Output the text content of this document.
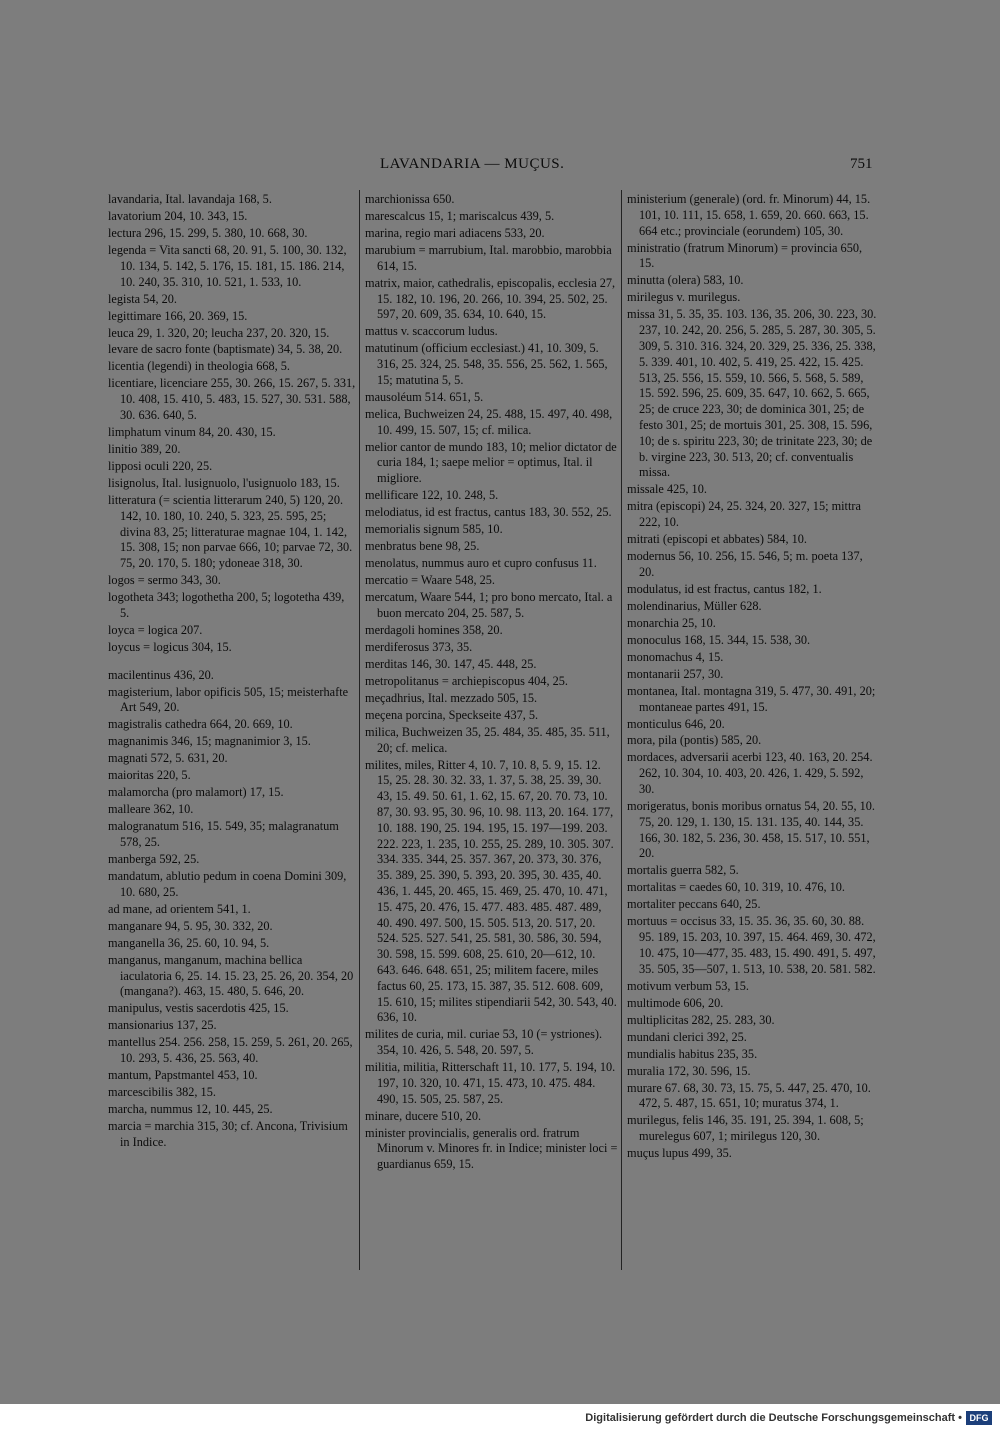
LAVANDARIA — MUÇUS.	751
lavandaria, Ital. lavandaja 168, 5.
lavatorium 204, 10. 343, 15.
lectura 296, 15. 299, 5. 380, 10. 668, 30.
legenda = Vita sancti 68, 20. 91, 5. 100, 30. 132, 10. 134, 5. 142, 5. 176, 15. 181, 15. 186. 214, 10. 240, 35. 310, 10. 521, 1. 533, 10.
legista 54, 20.
legittimare 166, 20. 369, 15.
leuca 29, 1. 320, 20; leucha 237, 20. 320, 15.
levare de sacro fonte (baptismate) 34, 5. 38, 20.
licentia (legendi) in theologia 668, 5.
licentiare, licenciare 255, 30. 266, 15. 267, 5. 331, 10. 408, 15. 410, 5. 483, 15. 527, 30. 531. 588, 30. 636. 640, 5.
limphatum vinum 84, 20. 430, 15.
linitio 389, 20.
lipposi oculi 220, 25.
lisignolus, Ital. lusignuolo, l'usignuolo 183, 15.
litteratura (= scientia litterarum 240, 5) 120, 20. 142, 10. 180, 10. 240, 5. 323, 25. 595, 25; divina 83, 25; litteraturae magnae 104, 1. 142, 15. 308, 15; non parvae 666, 10; parvae 72, 30. 75, 20. 170, 5. 180; ydoneae 318, 30.
logos = sermo 343, 30.
logotheta 343; logothetha 200, 5; logotetha 439, 5.
loyca = logica 207.
loycus = logicus 304, 15.
macilentinus 436, 20.
magisterium, labor opificis 505, 15; meisterhafte Art 549, 20.
magistralis cathedra 664, 20. 669, 10.
magnanimis 346, 15; magnanimior 3, 15.
magnati 572, 5. 631, 20.
maioritas 220, 5.
malamorcha (pro malamort) 17, 15.
malleare 362, 10.
malogranatum 516, 15. 549, 35; malagranatum 578, 25.
manberga 592, 25.
mandatum, ablutio pedum in coena Domini 309, 10. 680, 25.
ad mane, ad orientem 541, 1.
manganare 94, 5. 95, 30. 332, 20.
manganella 36, 25. 60, 10. 94, 5.
manganus, manganum, machina bellica iaculatoria 6, 25. 14. 15. 23, 25. 26, 20. 354, 20 (mangana?). 463, 15. 480, 5. 646, 20.
manipulus, vestis sacerdotis 425, 15.
mansionarius 137, 25.
mantellus 254. 256. 258, 15. 259, 5. 261, 20. 265, 10. 293, 5. 436, 25. 563, 40.
mantum, Papstmantel 453, 10.
marcescibilis 382, 15.
marcha, nummus 12, 10. 445, 25.
marcia = marchia 315, 30; cf. Ancona, Trivisium in Indice.
marchionissa 650.
marescalcus 15, 1; mariscalcus 439, 5.
marina, regio mari adiacens 533, 20.
marubium = marrubium, Ital. marobbio, marobbia 614, 15.
matrix, maior, cathedralis, episcopalis, ecclesia 27, 15. 182, 10. 196, 20. 266, 10. 394, 25. 502, 25. 597, 20. 609, 35. 634, 10. 640, 15.
mattus v. scaccorum ludus.
matutinum (officium ecclesiast.) 41, 10. 309, 5. 316, 25. 324, 25. 548, 35. 556, 25. 562, 1. 565, 15; matutina 5, 5.
mausoléum 514. 651, 5.
melica, Buchweizen 24, 25. 488, 15. 497, 40. 498, 10. 499, 15. 507, 15; cf. milica.
melior cantor de mundo 183, 10; melior dictator de curia 184, 1; saepe melior = optimus, Ital. il migliore.
mellificare 122, 10. 248, 5.
melodiatus, id est fractus, cantus 183, 30. 552, 25.
memorialis signum 585, 10.
menbratus bene 98, 25.
menolatus, nummus auro et cupro confusus 11.
mercatio = Waare 548, 25.
mercatum, Waare 544, 1; pro bono mercato, Ital. a buon mercato 204, 25. 587, 5.
merdagoli homines 358, 20.
merdiferosus 373, 35.
merditas 146, 30. 147, 45. 448, 25.
metropolitanus = archiepiscopus 404, 25.
meçadhrius, Ital. mezzado 505, 15.
meçena porcina, Speckseite 437, 5.
milica, Buchweizen 35, 25. 484, 35. 485, 35. 511, 20; cf. melica.
milites, miles, Ritter 4, 10. 7, 10. 8, 5. 9, 15. 12. 15, 25. 28. 30. 32. 33, 1. 37, 5. 38, 25. 39, 30. 43, 15. 49. 50. 61, 1. 62, 15. 67, 20. 70. 73, 10. 87, 30. 93. 95, 30. 96, 10. 98. 113, 20. 164. 177, 10. 188. 190, 25. 194. 195, 15. 197—199. 203. 222. 223, 1. 235, 10. 255, 25. 289, 10. 305. 307. 334. 335. 344, 25. 357. 367, 20. 373, 30. 376, 35. 389, 25. 390, 5. 393, 20. 395, 30. 435, 40. 436, 1. 445, 20. 465, 15. 469, 25. 470, 10. 471, 15. 475, 20. 476, 15. 477. 483. 485. 487. 489, 40. 490. 497. 500, 15. 505. 513, 20. 517, 20. 524. 525. 527. 541, 25. 581, 30. 586, 30. 594, 30. 598, 15. 599. 608, 25. 610, 20—612, 10. 643. 646. 648. 651, 25; militem facere, miles factus 60, 25. 173, 15. 387, 35. 512. 608. 609, 15. 610, 15; milites stipendiarii 542, 30. 543, 40. 636, 10.
milites de curia, mil. curiae 53, 10 (= ystriones). 354, 10. 426, 5. 548, 20. 597, 5.
militia, militia, Ritterschaft 11, 10. 177, 5. 194, 10. 197, 10. 320, 10. 471, 15. 473, 10. 475. 484. 490, 15. 505, 25. 587, 25.
minare, ducere 510, 20.
minister provincialis, generalis ord. fratrum Minorum v. Minores fr. in Indice; minister loci = guardianus 659, 15.
ministerium (generale) (ord. fr. Minorum) 44, 15. 101, 10. 111, 15. 658, 1. 659, 20. 660. 663, 15. 664 etc.; provinciale (eorundem) 105, 30.
ministratio (fratrum Minorum) = provincia 650, 15.
minutta (olera) 583, 10.
mirilegus v. murilegus.
missa 31, 5. 35, 35. 103. 136, 35. 206, 30. 223, 30. 237, 10. 242, 20. 256, 5. 285, 5. 287, 30. 305, 5. 309, 5. 310. 316. 324, 20. 329, 25. 336, 25. 338, 5. 339. 401, 10. 402, 5. 419, 25. 422, 15. 425. 513, 25. 556, 15. 559, 10. 566, 5. 568, 5. 589, 15. 592. 596, 25. 609, 35. 647, 10. 662, 5. 665, 25; de cruce 223, 30; de dominica 301, 25; de festo 301, 25; de mortuis 301, 25. 308, 15. 596, 10; de s. spiritu 223, 30; de trinitate 223, 30; de b. virgine 223, 30. 513, 20; cf. conventualis missa.
missale 425, 10.
mitra (episcopi) 24, 25. 324, 20. 327, 15; mittra 222, 10.
mitrati (episcopi et abbates) 584, 10.
modernus 56, 10. 256, 15. 546, 5; m. poeta 137, 20.
modulatus, id est fractus, cantus 182, 1.
molendinarius, Müller 628.
monarchia 25, 10.
monoculus 168, 15. 344, 15. 538, 30.
monomachus 4, 15.
montanarii 257, 30.
montanea, Ital. montagna 319, 5. 477, 30. 491, 20; montaneae partes 491, 15.
monticulus 646, 20.
mora, pila (pontis) 585, 20.
mordaces, adversarii acerbi 123, 40. 163, 20. 254. 262, 10. 304, 10. 403, 20. 426, 1. 429, 5. 592, 30.
morigeratus, bonis moribus ornatus 54, 20. 55, 10. 75, 20. 129, 1. 130, 15. 131. 135, 40. 144, 35. 166, 30. 182, 5. 236, 30. 458, 15. 517, 10. 551, 20.
mortalis guerra 582, 5.
mortalitas = caedes 60, 10. 319, 10. 476, 10.
mortaliter peccans 640, 25.
mortuus = occisus 33, 15. 35. 36, 35. 60, 30. 88. 95. 189, 15. 203, 10. 397, 15. 464. 469, 30. 472, 10. 475, 10—477, 35. 483, 15. 490. 491, 5. 497, 35. 505, 35—507, 1. 513, 10. 538, 20. 581. 582.
motivum verbum 53, 15.
multimode 606, 20.
multiplicitas 282, 25. 283, 30.
mundani clerici 392, 25.
mundialis habitus 235, 35.
muralia 172, 30. 596, 15.
murare 67. 68, 30. 73, 15. 75, 5. 447, 25. 470, 10. 472, 5. 487, 15. 651, 10; muratus 374, 1.
murilegus, felis 146, 35. 191, 25. 394, 1. 608, 5; murelegus 607, 1; mirilegus 120, 30.
muçus lupus 499, 35.
Digitalisierung gefördert durch die Deutsche Forschungsgemeinschaft • DFG
